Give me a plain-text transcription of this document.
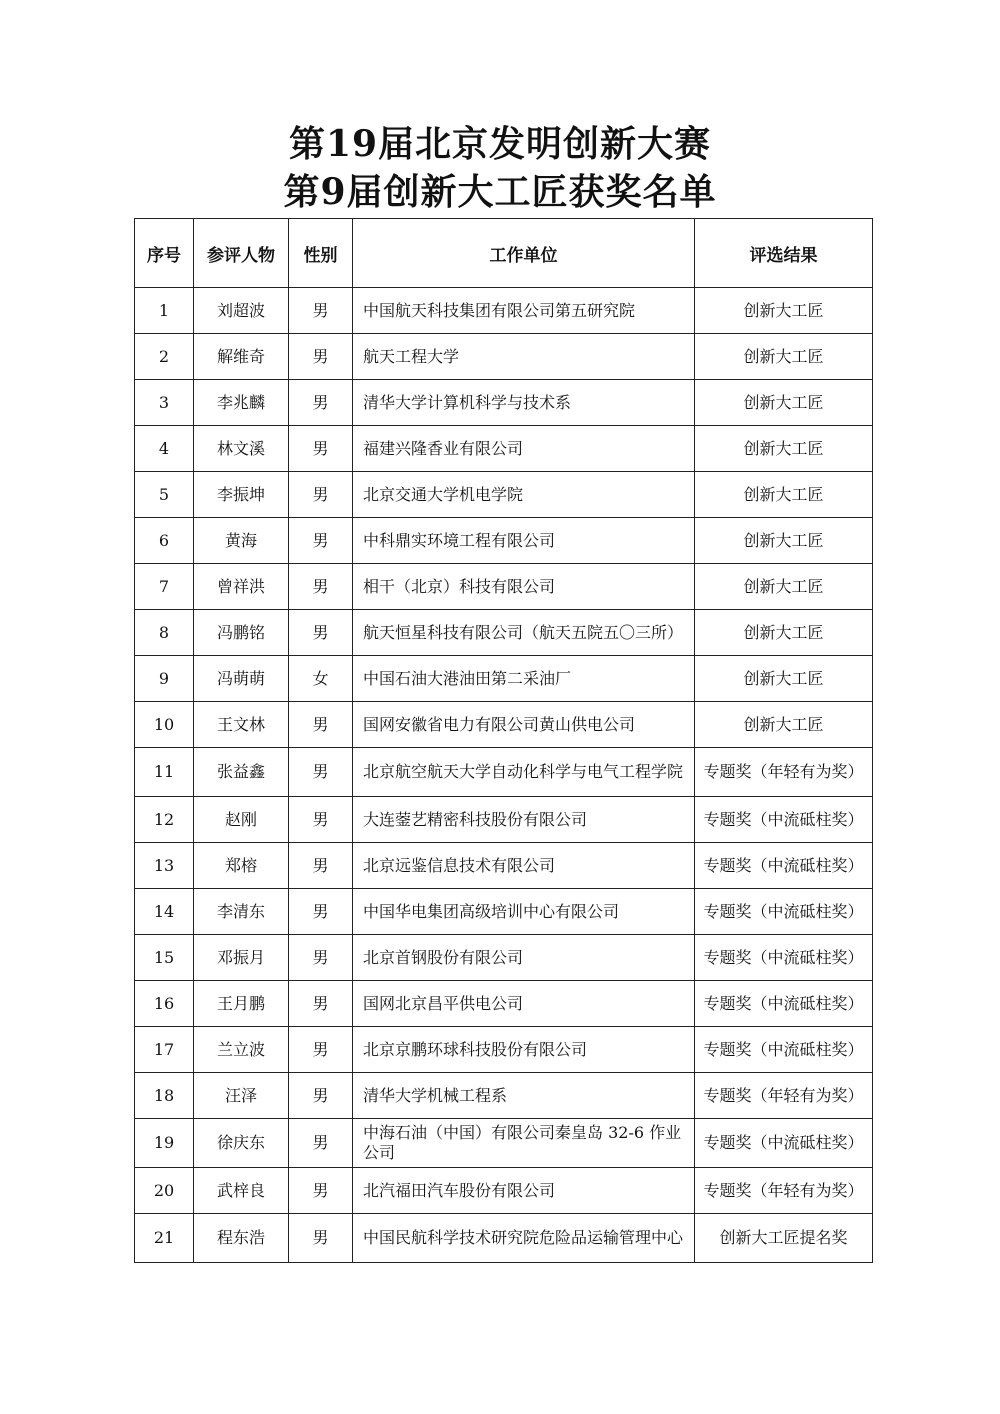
第19届北京发明创新大赛
第9届创新大工匠获奖名单
序号	参评人物	性别	工作单位	评选结果
1	刘超波	男	中国航天科技集团有限公司第五研究院	创新大工匠
2	解维奇	男	航天工程大学	创新大工匠
3	李兆麟	男	清华大学计算机科学与技术系	创新大工匠
4	林文溪	男	福建兴隆香业有限公司	创新大工匠
5	李振坤	男	北京交通大学机电学院	创新大工匠
6	黄海	男	中科鼎实环境工程有限公司	创新大工匠
7	曾祥洪	男	相干（北京）科技有限公司	创新大工匠
8	冯鹏铭	男	航天恒星科技有限公司（航天五院五〇三所）	创新大工匠
9	冯萌萌	女	中国石油大港油田第二采油厂	创新大工匠
10	王文林	男	国网安徽省电力有限公司黄山供电公司	创新大工匠
11	张益鑫	男	北京航空航天大学自动化科学与电气工程学院	专题奖（年轻有为奖）
12	赵刚	男	大连蓥艺精密科技股份有限公司	专题奖（中流砥柱奖）
13	郑榕	男	北京远鉴信息技术有限公司	专题奖（中流砥柱奖）
14	李清东	男	中国华电集团高级培训中心有限公司	专题奖（中流砥柱奖）
15	邓振月	男	北京首钢股份有限公司	专题奖（中流砥柱奖）
16	王月鹏	男	国网北京昌平供电公司	专题奖（中流砥柱奖）
17	兰立波	男	北京京鹏环球科技股份有限公司	专题奖（中流砥柱奖）
18	汪泽	男	清华大学机械工程系	专题奖（年轻有为奖）
19	徐庆东	男	中海石油（中国）有限公司秦皇岛 32-6 作业公司	专题奖（中流砥柱奖）
20	武梓良	男	北汽福田汽车股份有限公司	专题奖（年轻有为奖）
21	程东浩	男	中国民航科学技术研究院危险品运输管理中心	创新大工匠提名奖
